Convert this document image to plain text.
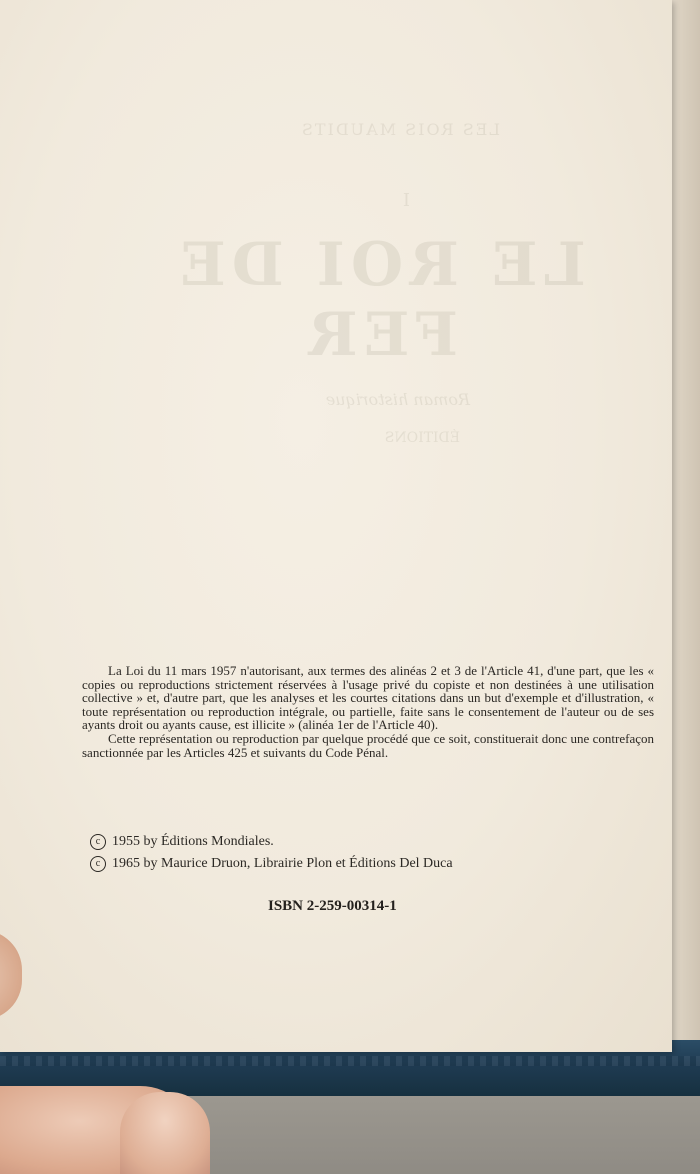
LES ROIS MAUDITS
I
LE ROI DE FER
Roman historique
ÉDITIONS

La Loi du 11 mars 1957 n'autorisant, aux termes des alinéas 2 et 3 de l'Article 41, d'une part, que les « copies ou reproductions strictement réservées à l'usage privé du copiste et non destinées à une utilisation collective » et, d'autre part, que les analyses et les courtes citations dans un but d'exemple et d'illustration, « toute représentation ou reproduction intégrale, ou partielle, faite sans le consentement de l'auteur ou de ses ayants droit ou ayants cause, est illicite » (alinéa 1er de l'Article 40).

Cette représentation ou reproduction par quelque procédé que ce soit, constituerait donc une contrefaçon sanctionnée par les Articles 425 et suivants du Code Pénal.

c 1955 by Éditions Mondiales.
c 1965 by Maurice Druon, Librairie Plon et Éditions Del Duca
ISBN 2-259-00314-1
